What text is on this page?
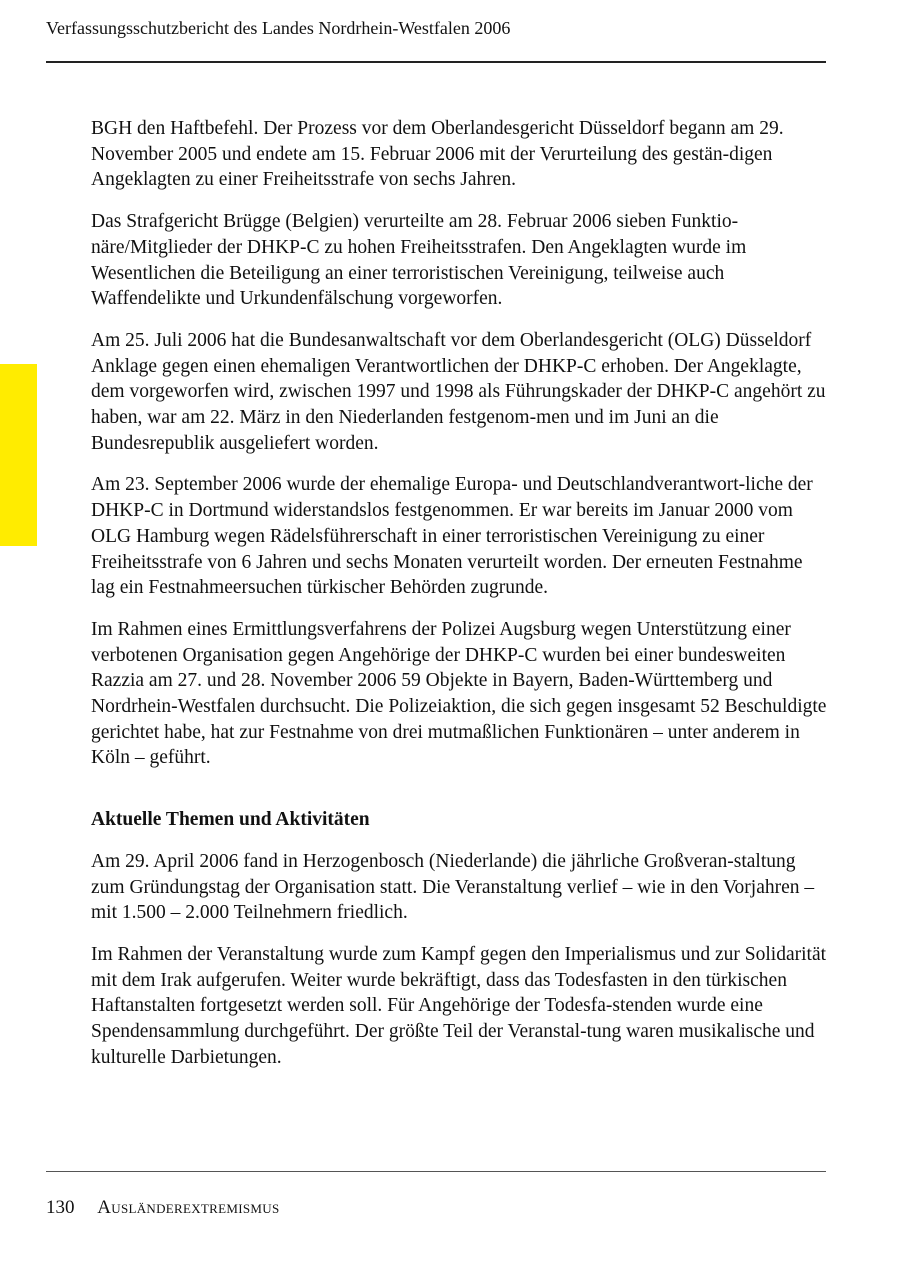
Verfassungsschutzbericht des Landes Nordrhein-Westfalen 2006

BGH den Haftbefehl. Der Prozess vor dem Oberlandesgericht Düsseldorf begann am 29. November 2005 und endete am 15. Februar 2006 mit der Verurteilung des gestän-digen Angeklagten zu einer Freiheitsstrafe von sechs Jahren.

Das Strafgericht Brügge (Belgien) verurteilte am 28. Februar 2006 sieben Funktio-näre/Mitglieder der DHKP-C zu hohen Freiheitsstrafen. Den Angeklagten wurde im Wesentlichen die Beteiligung an einer terroristischen Vereinigung, teilweise auch Waffendelikte und Urkundenfälschung vorgeworfen.

Am 25. Juli 2006 hat die Bundesanwaltschaft vor dem Oberlandesgericht (OLG) Düsseldorf Anklage gegen einen ehemaligen Verantwortlichen der DHKP-C erhoben. Der Angeklagte, dem vorgeworfen wird, zwischen 1997 und 1998 als Führungskader der DHKP-C angehört zu haben, war am 22. März in den Niederlanden festgenom-men und im Juni an die Bundesrepublik ausgeliefert worden.

Am 23. September 2006 wurde der ehemalige Europa- und Deutschlandverantwort-liche der DHKP-C in Dortmund widerstandslos festgenommen. Er war bereits im Januar 2000 vom OLG Hamburg wegen Rädelsführerschaft in einer terroristischen Vereinigung zu einer Freiheitsstrafe von 6 Jahren und sechs Monaten verurteilt worden. Der erneuten Festnahme lag ein Festnahmeersuchen türkischer Behörden zugrunde.

Im Rahmen eines Ermittlungsverfahrens der Polizei Augsburg wegen Unterstützung einer verbotenen Organisation gegen Angehörige der DHKP-C wurden bei einer bundesweiten Razzia am 27. und 28. November 2006 59 Objekte in Bayern, Baden-Württemberg und Nordrhein-Westfalen durchsucht. Die Polizeiaktion, die sich gegen insgesamt 52 Beschuldigte gerichtet habe, hat zur Festnahme von drei mutmaßlichen Funktionären – unter anderem in Köln – geführt.

Aktuelle Themen und Aktivitäten

Am 29. April 2006 fand in Herzogenbosch (Niederlande) die jährliche Großveran-staltung zum Gründungstag der Organisation statt. Die Veranstaltung verlief – wie in den Vorjahren – mit 1.500 – 2.000 Teilnehmern friedlich.

Im Rahmen der Veranstaltung wurde zum Kampf gegen den Imperialismus und zur Solidarität mit dem Irak aufgerufen. Weiter wurde bekräftigt, dass das Todesfasten in den türkischen Haftanstalten fortgesetzt werden soll. Für Angehörige der Todesfa-stenden wurde eine Spendensammlung durchgeführt. Der größte Teil der Veranstal-tung waren musikalische und kulturelle Darbietungen.

130 Ausländerextremismus
